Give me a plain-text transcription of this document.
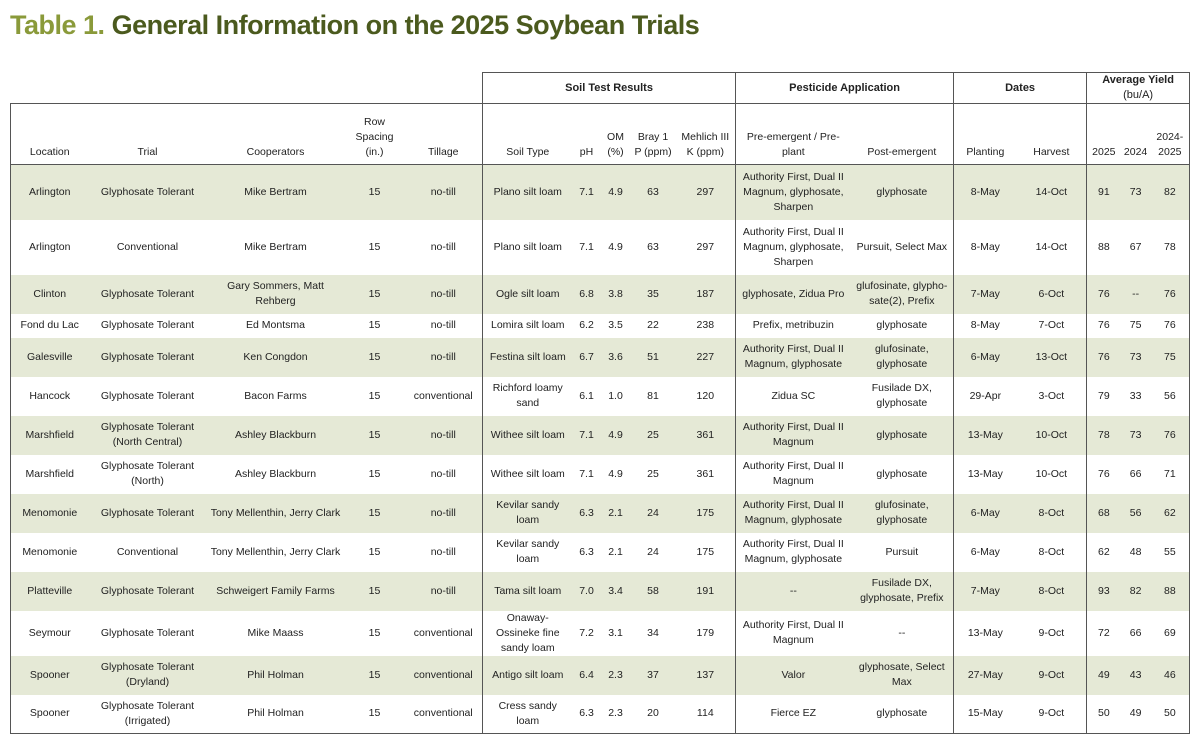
Table 1. General Information on the 2025 Soybean Trials
					Soil Test Results					Pesticide Application		Dates		Average Yield (bu/A)		
Location	Trial	Cooperators	Row Spacing (in.)	Tillage	Soil Type	pH	OM (%)	Bray 1 P (ppm)	Mehlich III K (ppm)	Pre-emergent / Pre-plant	Post-emergent	Planting	Harvest	2025	2024	2024-2025
Arlington	Glyphosate Tolerant	Mike Bertram	15	no-till	Plano silt loam	7.1	4.9	63	297	Authority First, Dual II Magnum, glyphosate, Sharpen	glyphosate	8-May	14-Oct	91	73	82
Arlington	Conventional	Mike Bertram	15	no-till	Plano silt loam	7.1	4.9	63	297	Authority First, Dual II Magnum, glyphosate, Sharpen	Pursuit, Select Max	8-May	14-Oct	88	67	78
Clinton	Glyphosate Tolerant	Gary Sommers, Matt Rehberg	15	no-till	Ogle silt loam	6.8	3.8	35	187	glyphosate, Zidua Pro	glufosinate, glypho-sate(2), Prefix	7-May	6-Oct	76	--	76
Fond du Lac	Glyphosate Tolerant	Ed Montsma	15	no-till	Lomira silt loam	6.2	3.5	22	238	Prefix, metribuzin	glyphosate	8-May	7-Oct	76	75	76
Galesville	Glyphosate Tolerant	Ken Congdon	15	no-till	Festina silt loam	6.7	3.6	51	227	Authority First, Dual II Magnum, glyphosate	glufosinate, glyphosate	6-May	13-Oct	76	73	75
Hancock	Glyphosate Tolerant	Bacon Farms	15	conventional	Richford loamy sand	6.1	1.0	81	120	Zidua SC	Fusilade DX, glyphosate	29-Apr	3-Oct	79	33	56
Marshfield	Glyphosate Tolerant (North Central)	Ashley Blackburn	15	no-till	Withee silt loam	7.1	4.9	25	361	Authority First, Dual II Magnum	glyphosate	13-May	10-Oct	78	73	76
Marshfield	Glyphosate Tolerant (North)	Ashley Blackburn	15	no-till	Withee silt loam	7.1	4.9	25	361	Authority First, Dual II Magnum	glyphosate	13-May	10-Oct	76	66	71
Menomonie	Glyphosate Tolerant	Tony Mellenthin, Jerry Clark	15	no-till	Kevilar sandy loam	6.3	2.1	24	175	Authority First, Dual II Magnum, glyphosate	glufosinate, glyphosate	6-May	8-Oct	68	56	62
Menomonie	Conventional	Tony Mellenthin, Jerry Clark	15	no-till	Kevilar sandy loam	6.3	2.1	24	175	Authority First, Dual II Magnum, glyphosate	Pursuit	6-May	8-Oct	62	48	55
Platteville	Glyphosate Tolerant	Schweigert Family Farms	15	no-till	Tama silt loam	7.0	3.4	58	191	--	Fusilade DX, glyphosate, Prefix	7-May	8-Oct	93	82	88
Seymour	Glyphosate Tolerant	Mike Maass	15	conventional	Onaway-Ossineke fine sandy loam	7.2	3.1	34	179	Authority First, Dual II Magnum	--	13-May	9-Oct	72	66	69
Spooner	Glyphosate Tolerant (Dryland)	Phil Holman	15	conventional	Antigo silt loam	6.4	2.3	37	137	Valor	glyphosate, Select Max	27-May	9-Oct	49	43	46
Spooner	Glyphosate Tolerant (Irrigated)	Phil Holman	15	conventional	Cress sandy loam	6.3	2.3	20	114	Fierce EZ	glyphosate	15-May	9-Oct	50	49	50
